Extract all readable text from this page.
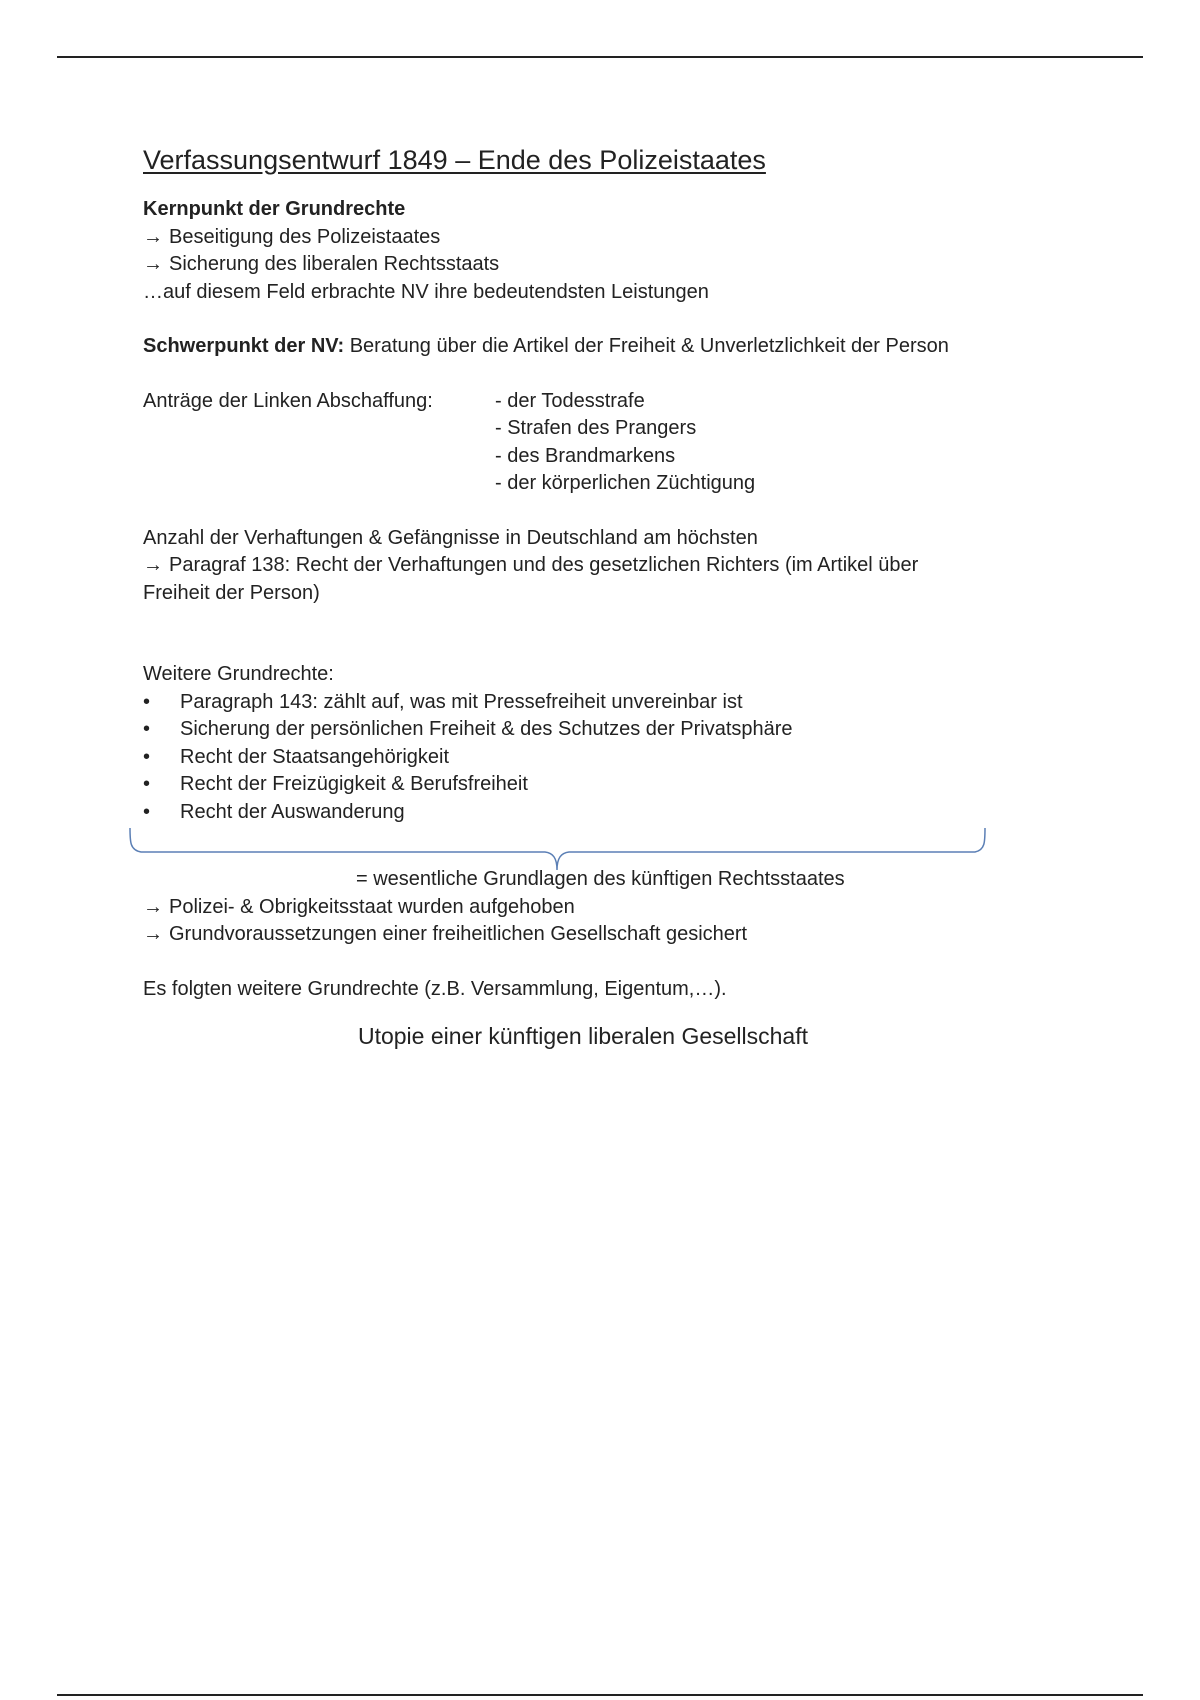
Verfassungsentwurf 1849 – Ende des Polizeistaates

Kernpunkt der Grundrechte

→ Beseitigung des Polizeistaates

→ Sicherung des liberalen Rechtsstaats

…auf diesem Feld erbrachte NV ihre bedeutendsten Leistungen

Schwerpunkt der NV: Beratung über die Artikel der Freiheit & Unverletzlichkeit der Person

Anträge der Linken Abschaffung:	- der Todesstrafe
- Strafen des Prangers
- des Brandmarkens
- der körperlichen Züchtigung

Anzahl der Verhaftungen & Gefängnisse in Deutschland am höchsten

→ Paragraf 138: Recht der Verhaftungen und des gesetzlichen Richters (im Artikel über

Freiheit der Person)

Weitere Grundrechte:

• Paragraph 143: zählt auf, was mit Pressefreiheit unvereinbar ist
• Sicherung der persönlichen Freiheit & des Schutzes der Privatsphäre
• Recht der Staatsangehörigkeit
• Recht der Freizügigkeit & Berufsfreiheit
• Recht der Auswanderung

= wesentliche Grundlagen des künftigen Rechtsstaates

→ Polizei- & Obrigkeitsstaat wurden aufgehoben

→ Grundvoraussetzungen einer freiheitlichen Gesellschaft gesichert

Es folgten weitere Grundrechte (z.B. Versammlung, Eigentum,…).

Utopie einer künftigen liberalen Gesellschaft
